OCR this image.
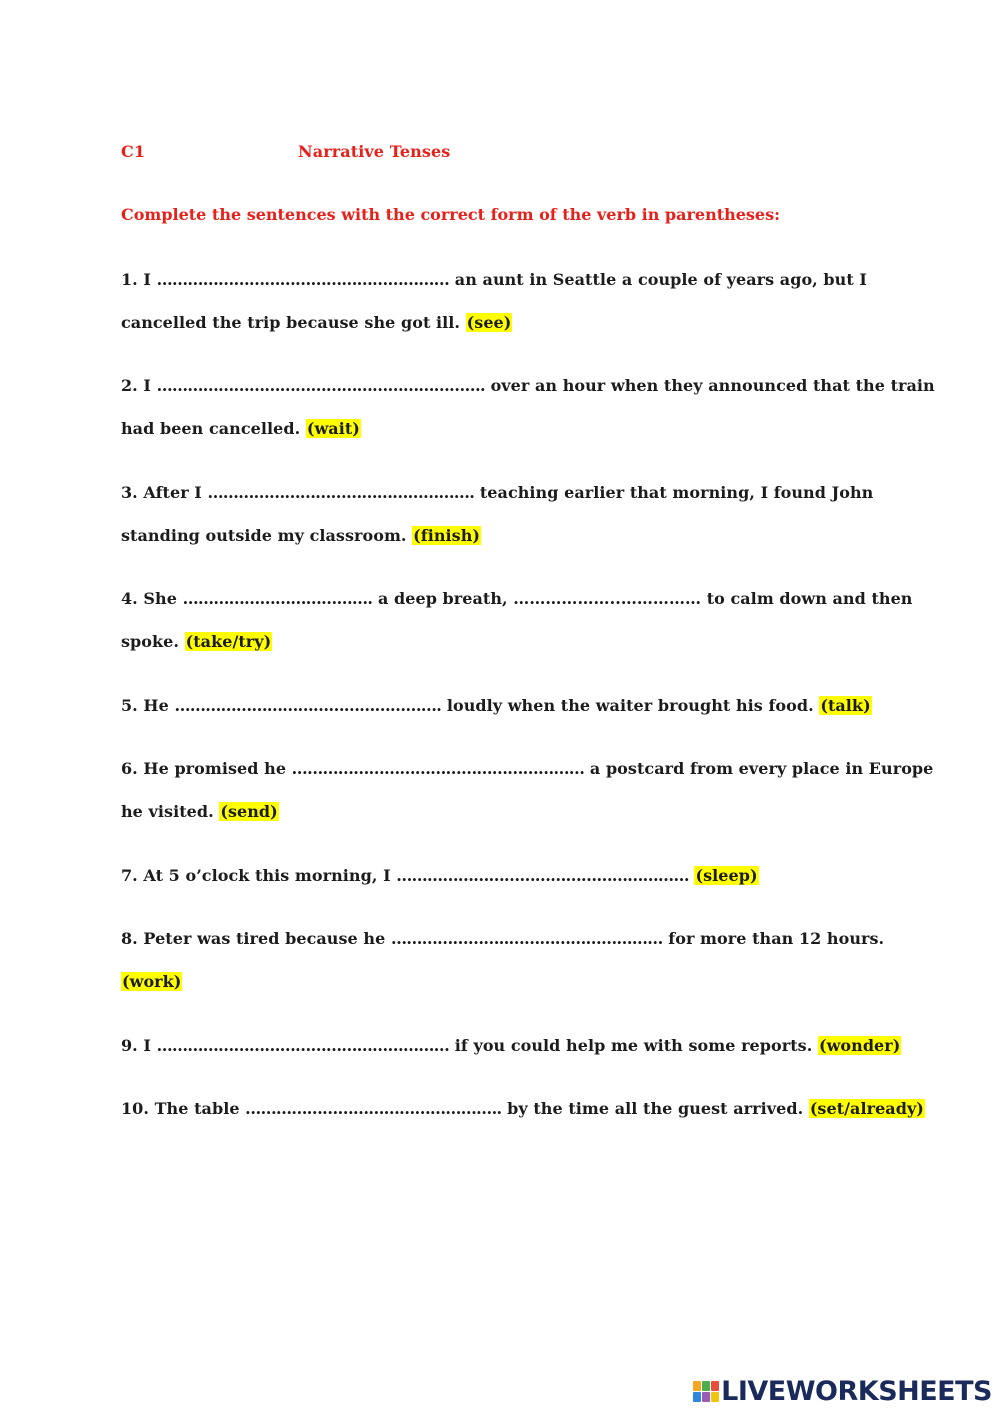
C1	Narrative Tenses
Complete the sentences with the correct form of the verb in parentheses:
1. I ………………………………………………… an aunt in Seattle a couple of years ago, but I
cancelled the trip because she got ill. (see)
2. I ………………………………………………………. over an hour when they announced that the train
had been cancelled. (wait)
3. After I ……………………………………………. teaching earlier that morning, I found John
standing outside my classroom. (finish)
4. She ………………………………. a deep breath, ………………..…………… to calm down and then
spoke. (take/try)
5. He ……………………………………………. loudly when the waiter brought his food. (talk)
6. He promised he ………………………………………………… a postcard from every place in Europe
he visited. (send)
7. At 5 o’clock this morning, I ………………………………………………… (sleep)
8. Peter was tired because he …………………..………………………… for more than 12 hours.
(work)
9. I ………………………………………………… if you could help me with some reports. (wonder)
10. The table ………………………………………….. by the time all the guest arrived. (set/already)
LIVEWORKSHEETS
